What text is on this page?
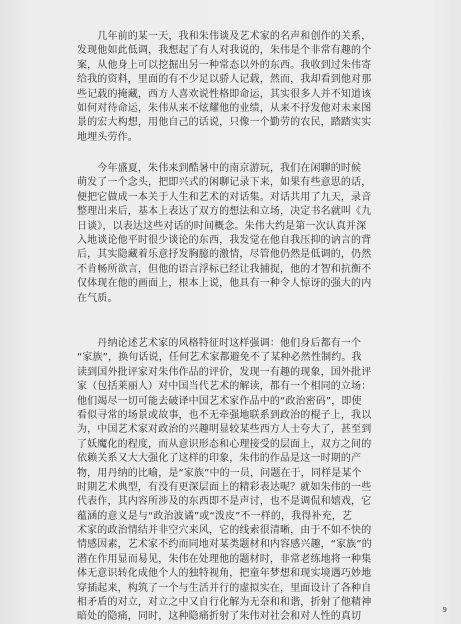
　　几年前的某一天，我和朱伟谈及艺术家的名声和创作的关系，
发现他如此低调，我想起了有人对我说的，朱伟是个非常有趣的个
案，从他身上可以挖掘出另一种常态以外的东西。我收到过朱伟寄
给我的资料，里面的有不少足以骄人记载，然而，我却看到他对那
些记载的掩藏，西方人喜欢说性格即命运，其实很多人并不知道该
如何对待命运，朱伟从来不炫耀他的业绩，从来不抒发他对未来图
景的宏大构想，用他自己的话说，只像一个勤劳的农民，踏踏实实
地埋头劳作。
　　今年盛夏，朱伟来到酷暑中的南京游玩，我们在闲聊的时候
萌发了一个念头，把即兴式的闲聊记录下来，如果有些意思的话，
便把它做成一本关于人生和艺术的对话集。对话共用了九天，录音
整理出来后，基本上表达了双方的想法和立场，决定书名就叫《九
日谈》，以表达这些对话的时间概念。朱伟大约是第一次认真并深
入地谈论他平时很少谈论的东西，我发觉在他自我压抑的讷言的背
后，其实隐藏着乐意抒发胸臆的激情，尽管他仍然是低调的，仍然
不肯畅所欲言，但他的语言浮标已经让我捕捉，他的才智和抗衡不
仅体现在他的画面上，根本上说，他具有一种令人惊讶的强大的内
在气质。
　　丹纳论述艺术家的风格特征时这样强调：他们身后都有一个
“家族”，换句话说，任何艺术家都避免不了某种必然性制约。我
读到国外批评家对朱伟作品的评价，发现一有趣的现象，国外批评
家（包括莱丽人）对中国当代艺术的解读，都有一个相同的立场：
他们竭尽一切可能去破译中国艺术家作品中的“政治密码”，即使
看似寻常的场景或故事，也不无牵强地联系到政治的棍子上，我以
为，中国艺术家对政治的兴趣明显较某些西方人士夸大了，甚至到
了妖魔化的程度，而从意识形态和心理接受的层面上，双方之间的
依赖关系又大大强化了这样的印象，朱伟的作品是这一时期的产
物，用丹纳的比喻，是“家族”中的一员，问题在于，同样是某个
时期艺术典型，有没有更深层面上的精彩表达呢？就如朱伟的一些
代表作，其内容所涉及的东西即不是声讨，也不是调侃和嬉戏，它
蕴涵的意义是与“政治波谲”或“泼皮”不一样的，我得补充，艺
术家的政治情结并非空穴来风，它的线索很清晰，由于不如不快的
情感因素，艺术家不约而同地对某类题材和内容感兴趣，“家族”的
潜在作用显而易见，朱伟在处理他的题材时，非常老练地将一种集
体无意识转化成他个人的独特视角，把童年梦想和现实境遇巧妙地
穿插起来，构筑了一个与生活并行的虚拟实在，里面设计了各种自
相矛盾的对立，对立之中又自行化解为无奈和和谐，折射了他精神
暗处的隐痛，同时，这种隐痛折射了朱伟对社会和对人性的真切
9
